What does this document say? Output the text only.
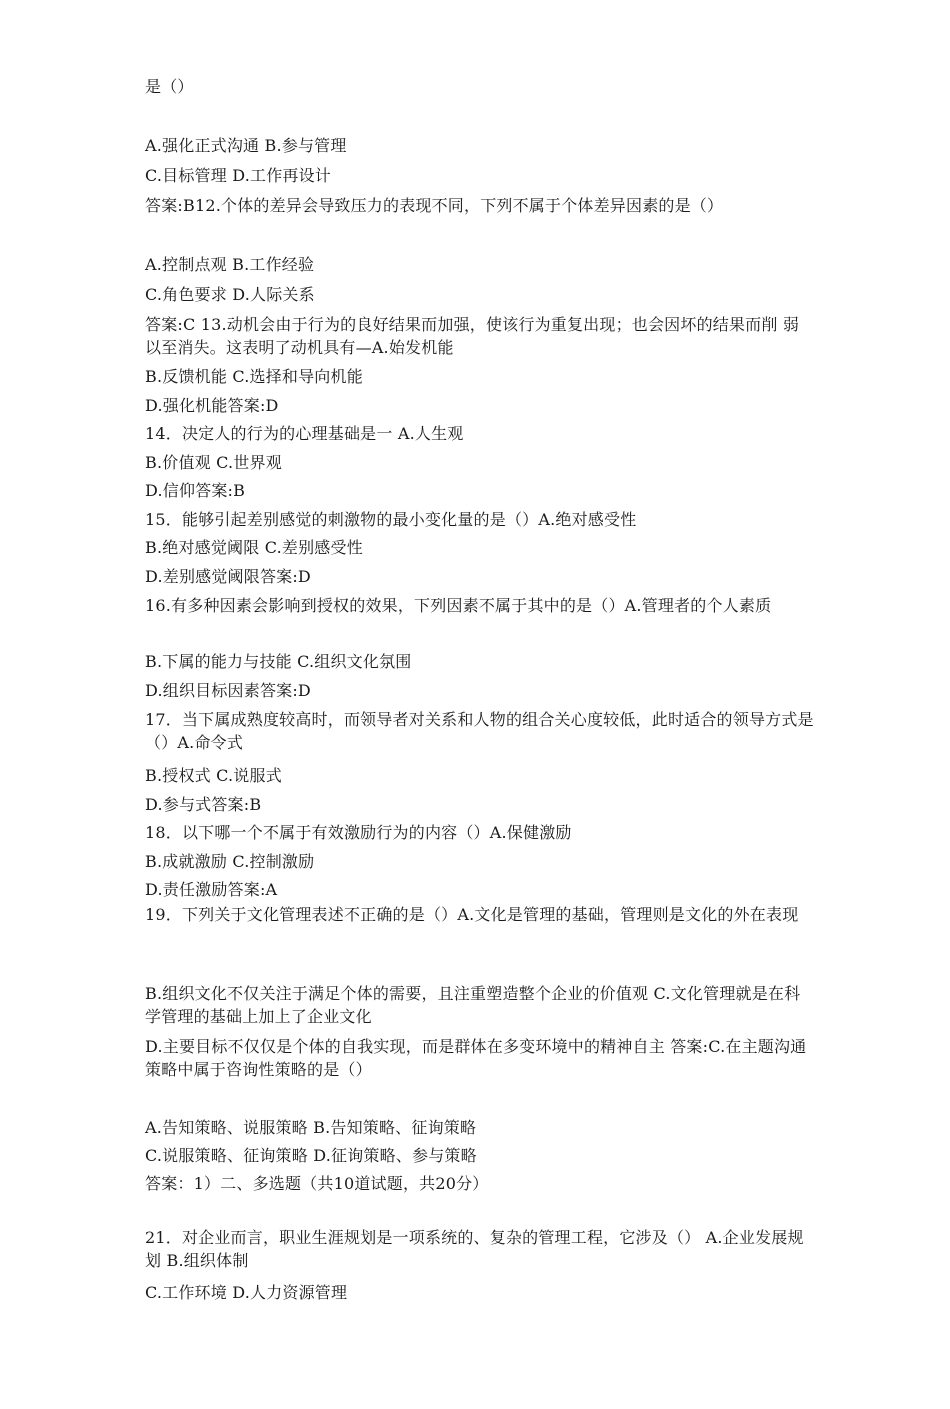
是（）
A.强化正式沟通 B.参与管理
C.目标管理 D.工作再设计
答案:B12.个体的差异会导致压力的表现不同，下列不属于个体差异因素的是（）
A.控制点观 B.工作经验
C.角色要求 D.人际关系
答案:C 13.动机会由于行为的良好结果而加强，使该行为重复出现；也会因坏的结果而削 弱以至消失。这表明了动机具有—A.始发机能
B.反馈机能 C.选择和导向机能
D.强化机能答案:D
14．决定人的行为的心理基础是一 A.人生观
B.价值观 C.世界观
D.信仰答案:B
15．能够引起差别感觉的刺激物的最小变化量的是（）A.绝对感受性
B.绝对感觉阈限 C.差别感受性
D.差别感觉阈限答案:D
16.有多种因素会影响到授权的效果，下列因素不属于其中的是（）A.管理者的个人素质
B.下属的能力与技能 C.组织文化氛围
D.组织目标因素答案:D
17．当下属成熟度较高时，而领导者对关系和人物的组合关心度较低，此时适合的领导方式是（）A.命令式
B.授权式 C.说服式
D.参与式答案:B
18．以下哪一个不属于有效激励行为的内容（）A.保健激励
B.成就激励 C.控制激励
D.责任激励答案:A
19．下列关于文化管理表述不正确的是（）A.文化是管理的基础，管理则是文化的外在表现
B.组织文化不仅关注于满足个体的需要，且注重塑造整个企业的价值观 C.文化管理就是在科学管理的基础上加上了企业文化
D.主要目标不仅仅是个体的自我实现，而是群体在多变环境中的精神自主 答案:C.在主题沟通策略中属于咨询性策略的是（）
A.告知策略、说服策略 B.告知策略、征询策略
C.说服策略、征询策略 D.征询策略、参与策略
答案：1）二、多选题（共10道试题，共20分）
21．对企业而言，职业生涯规划是一项系统的、复杂的管理工程，它涉及（） A.企业发展规划 B.组织体制
C.工作环境 D.人力资源管理
